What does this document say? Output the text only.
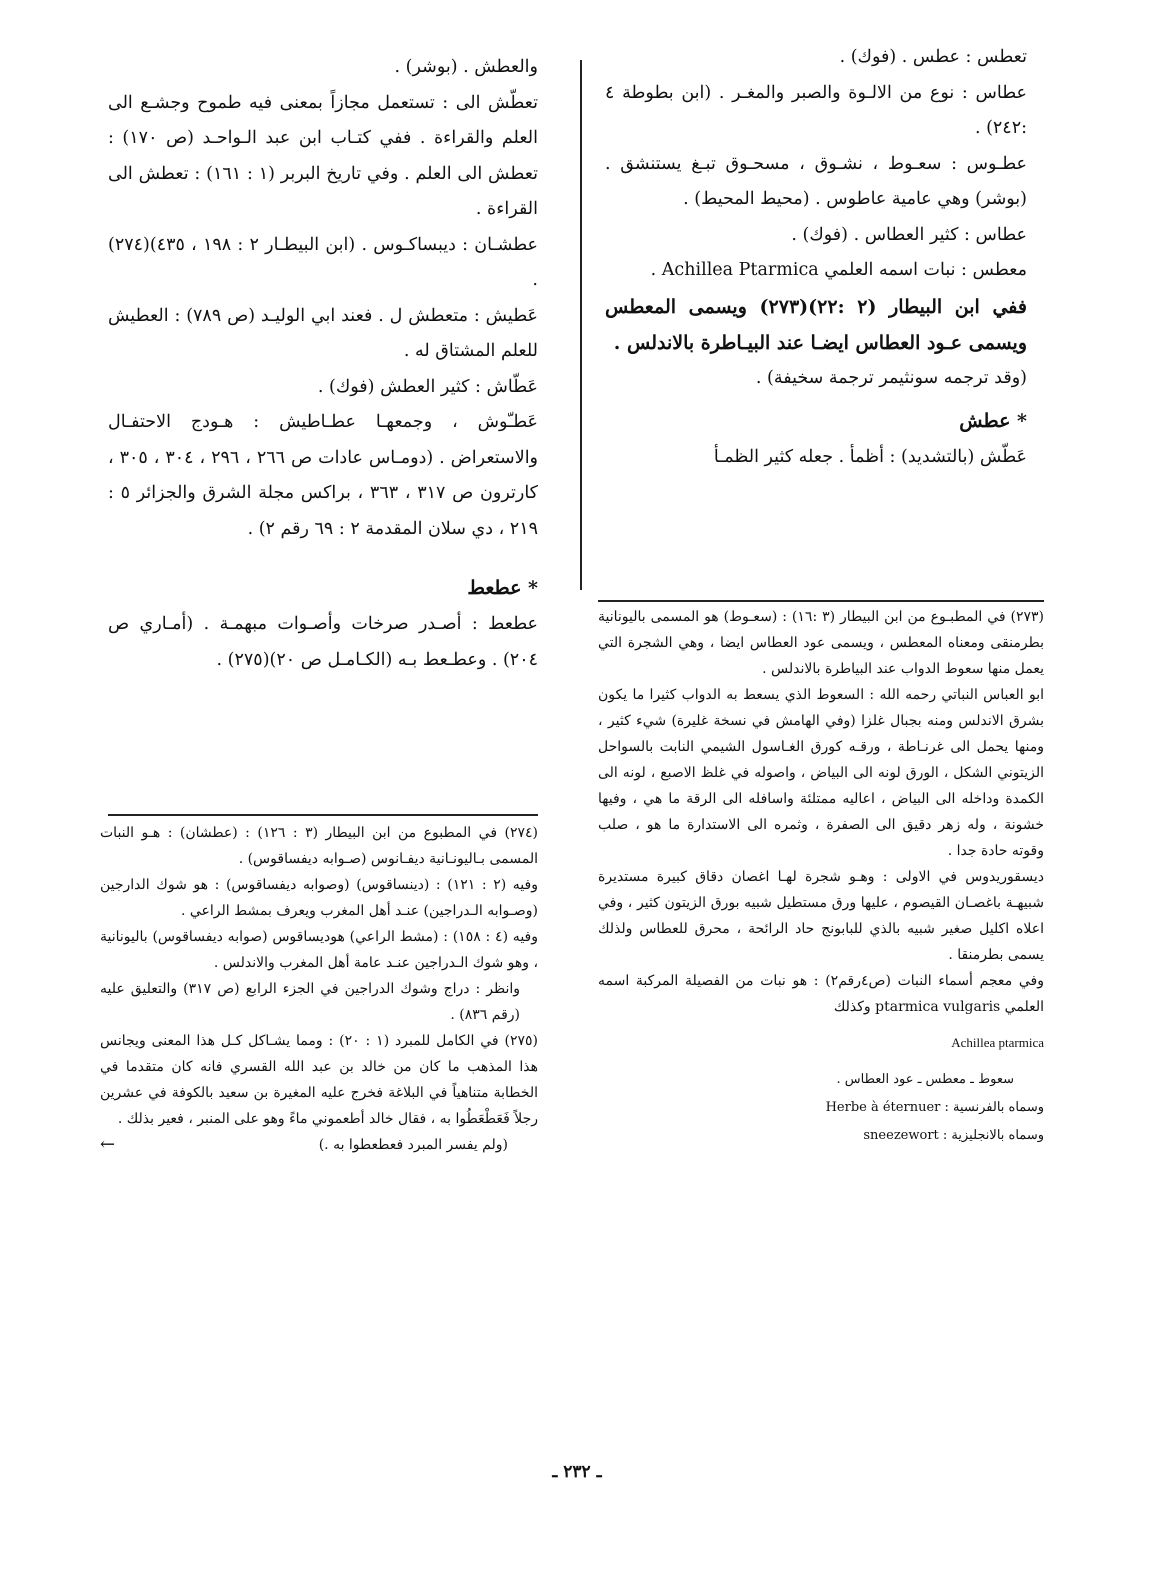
تعطس : عطس . (فوك) .

عطاس : نوع من الالـوة والصبر والمغـر . (ابن بطوطة ٤ :٢٤٢) .

عطـوس : سعـوط ، نشـوق ، مسحـوق تبـغ يستنشق . (بوشر) وهي عامية عاطوس . (محيط المحيط) .

عطاس : كثير العطاس . (فوك) .

معطس : نبات اسمه العلمي Achillea Ptarmica .

ففي ابن البيطار (٢ :٢٢)(٢٧٣) ويسمى المعطس ويسمى عـود العطاس ايضـا عند البيـاطرة بالاندلس .

(وقد ترجمه سونثيمر ترجمة سخيفة) .

* عطش

عَطّش (بالتشديد) : أظمأ . جعله كثير الظمـأ

(٢٧٣) في المطبـوع من ابن البيطار (٣ :١٦) : (سعـوط) هو المسمى باليونانية بطرمنقى ومعناه المعطس ، ويسمى عود العطاس ايضا ، وهي الشجرة التي يعمل منها سعوط الدواب عند البياطرة بالاندلس .

ابو العباس النباتي رحمه الله : السعوط الذي يسعط به الدواب كثيرا ما يكون بشرق الاندلس ومنه بجبال غلزا (وفي الهامش في نسخة غليرة) شيء كثير ، ومنها يحمل الى غرنـاطة ، ورقـه كورق الغـاسول الشيمي النابت بالسواحل الزيتوني الشكل ، الورق لونه الى البياض ، واصوله في غلظ الاصبع ، لونه الى الكمدة وداخله الى البياض ، اعاليه ممتلئة واسافله الى الرقة ما هي ، وفيها خشونة ، وله زهر دقيق الى الصفرة ، وثمره الى الاستدارة ما هو ، صلب وقوته حادة جدا .

ديسقوريدوس في الاولى : وهـو شجرة لهـا اغصان دقاق كبيرة مستديرة شبيهـة باغصـان القيصوم ، عليها ورق مستطيل شبيه بورق الزيتون كثير ، وفي اعلاه اكليل صغير شبيه بالذي للبابونج حاد الرائحة ، محرق للعطاس ولذلك يسمى بطرمنقا .

وفي معجم أسماء النبات (ص٤رقم٢) : هو نبات من الفصيلة المركبة اسمه العلمي ptarmica vulgaris وكذلك

Achillea ptarmica

سعوط ـ معطس ـ عود العطاس .

وسماه بالفرنسية : Herbe à éternuer

وسماه بالانجليزية : sneezewort

والعطش . (بوشر) .

تعطّش الى : تستعمل مجازاً بمعنى فيه طموح وجشـع الى العلم والقراءة . ففي كتـاب ابن عبد الـواحـد (ص ١٧٠) : تعطش الى العلم . وفي تاريخ البربر (١ : ١٦١) : تعطش الى القراءة .

عطشـان : ديبساكـوس . (ابن البيطـار ٢ : ١٩٨ ، ٤٣٥)(٢٧٤) .

عَطيش : متعطش ل . فعند ابي الوليـد (ص ٧٨٩) : العطيش للعلم المشتاق له .

عَطّاش : كثير العطش (فوك) .

عَطـّوش ، وجمعهـا عطـاطيش : هـودج الاحتفـال والاستعراض . (دومـاس عادات ص ٢٦٦ ، ٢٩٦ ، ٣٠٤ ، ٣٠٥ ، كارترون ص ٣١٧ ، ٣٦٣ ، براكس مجلة الشرق والجزائر ٥ : ٢١٩ ، دي سلان المقدمة ٢ : ٦٩ رقم ٢) .

* عطعط

عطعط : أصـدر صرخات وأصـوات مبهمـة . (أمـاري ص ٢٠٤) . وعطـعط بـه (الكـامـل ص ٢٠)(٢٧٥) .

(٢٧٤) في المطبوع من ابن البيطار (٣ : ١٢٦) : (عطشان) : هـو النبات المسمى بـاليونـانية ديفـانوس (صـوابه ديفساقوس) .

وفيه (٢ : ١٢١) : (دينساقوس) (وصوابه ديفساقوس) : هو شوك الدارجين (وصـوابه الـدراجين) عنـد أهل المغرب ويعرف بمشط الراعي .

وفيه (٤ : ١٥٨) : (مشط الراعي) هوديساقوس (صوابه ديفساقوس) باليونانية ، وهو شوك الـدراجين عنـد عامة أهل المغرب والاندلس .

وانظر : دراج وشوك الدراجين في الجزء الرابع (ص ٣١٧) والتعليق عليه (رقم ٨٣٦) .

(٢٧٥) في الكامل للمبرد (١ : ٢٠) : ومما يشـاكل كـل هذا المعنى ويجانس هذا المذهب ما كان من خالد بن عبد الله القسري فانه كان متقدما في الخطابة متناهياً في البلاغة فخرج عليه المغيرة بن سعيد بالكوفة في عشرين رجلاً فَعَطْعَطُوا به ، فقال خالد أطعموني ماءً وهو على المنبر ، فعير بذلك .

(ولم يفسر المبرد فعطعطوا به .)
←

ـ ٢٣٢ ـ
